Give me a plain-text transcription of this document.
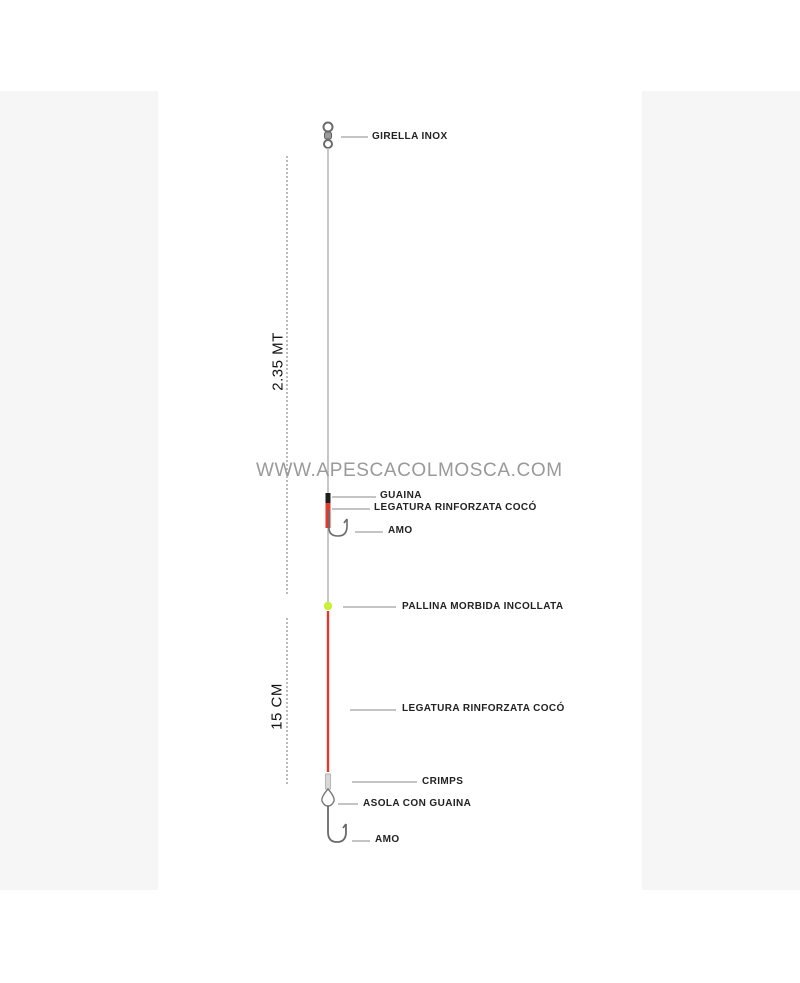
2.35 MT
15 CM
WWW.APESCACOLMOSCA.COM
GIRELLA INOX
GUAINA
LEGATURA RINFORZATA COCÓ
AMO
PALLINA MORBIDA INCOLLATA
LEGATURA RINFORZATA COCÓ
CRIMPS
ASOLA CON GUAINA
AMO
